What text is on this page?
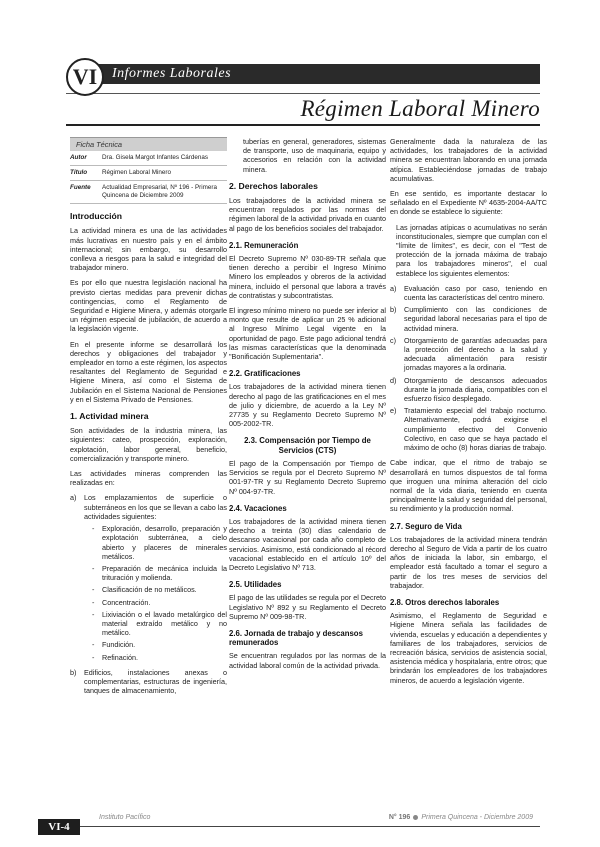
VI	Informes Laborales
Régimen Laboral Minero
Ficha Técnica
Autor	Dra. Gisela Margot Infantes Cárdenas
Título	Régimen Laboral Minero
Fuente	Actualidad Empresarial, Nº 196 - Primera Quincena de Diciembre 2009
Introducción

La actividad minera es una de las actividades más lucrativas en nuestro país y en el ámbito internacional; sin embargo, su desarrollo conlleva a riesgos para la salud e integridad del trabajador minero.

Es por ello que nuestra legislación nacional ha previsto ciertas medidas para prevenir dichas contingencias, como el Reglamento de Seguridad e Higiene Minera, y además otorgarle un régimen especial de jubilación, de acuerdo a la legislación vigente.

En el presente informe se desarrollará los derechos y obligaciones del trabajador y empleador en torno a este régimen, los aspectos resaltantes del Reglamento de Seguridad e Higiene Minera, así como el Sistema de Jubilación en el Sistema Nacional de Pensiones y en el Sistema Privado de Pensiones.

1. Actividad minera

Son actividades de la industria minera, las siguientes: cateo, prospección, exploración, explotación, labor general, beneficio, comercialización y transporte minero.

Las actividades mineras comprenden las realizadas en:

a) Los emplazamientos de superficie o subterráneos en los que se llevan a cabo las actividades siguientes:
- Exploración, desarrollo, preparación y explotación subterránea, a cielo abierto y placeres de minerales metálicos.
- Preparación de mecánica incluida la trituración y molienda.
- Clasificación de no metálicos.
- Concentración.
- Lixiviación o el lavado metalúrgico del material extraído metálico y no metálico.
- Fundición.
- Refinación.
b) Edificios, instalaciones anexas o complementarias, estructuras de ingeniería, tanques de almacenamiento,

tuberías en general, generadores, sistemas de transporte, uso de maquinaria, equipo y accesorios en relación con la actividad minera.

2. Derechos laborales

Los trabajadores de la actividad minera se encuentran regulados por las normas del régimen laboral de la actividad privada en cuanto al pago de los beneficios sociales del trabajador.

2.1. Remuneración

El Decreto Supremo Nº 030-89-TR señala que tienen derecho a percibir el Ingreso Mínimo Minero los empleados y obreros de la actividad minera, incluido el personal que labora a través de contratistas y subcontratistas.

El ingreso mínimo minero no puede ser inferior al monto que resulte de aplicar un 25 % adicional al Ingreso Mínimo Legal vigente en la oportunidad de pago. Este pago adicional tendrá las mismas características que la denominada "Bonificación Suplementaria".

2.2. Gratificaciones

Los trabajadores de la actividad minera tienen derecho al pago de las gratificaciones en el mes de julio y diciembre, de acuerdo a la Ley Nº 27735 y su Reglamento Decreto Supremo Nº 005-2002-TR.

2.3. Compensación por Tiempo de Servicios (CTS)

El pago de la Compensación por Tiempo de Servicios se regula por el Decreto Supremo Nº 001-97-TR y su Reglamento Decreto Supremo Nº 004-97-TR.

2.4. Vacaciones

Los trabajadores de la actividad minera tienen derecho a treinta (30) días calendario de descanso vacacional por cada año completo de servicios. Asimismo, está condicionado al récord vacacional establecido en el artículo 10º del Decreto Legislativo Nº 713.

2.5. Utilidades

El pago de las utilidades se regula por el Decreto Legislativo Nº 892 y su Reglamento el Decreto Supremo Nº 009-98-TR.

2.6. Jornada de trabajo y descansos remunerados

Se encuentran regulados por las normas de la actividad laboral común de la actividad privada.

Generalmente dada la naturaleza de las actividades, los trabajadores de la actividad minera se encuentran laborando en una jornada atípica. Estableciéndose jornadas de trabajo acumulativas.

En ese sentido, es importante destacar lo señalado en el Expediente Nº 4635-2004-AA/TC en donde se establece lo siguiente:

Las jornadas atípicas o acumulativas no serán inconstitucionales, siempre que cumplan con el "límite de límites", es decir, con el "Test de protección de la jornada máxima de trabajo para los trabajadores mineros", el cual establece los siguientes elementos:

a) Evaluación caso por caso, teniendo en cuenta las características del centro minero.
b) Cumplimiento con las condiciones de seguridad laboral necesarias para el tipo de actividad minera.
c) Otorgamiento de garantías adecuadas para la protección del derecho a la salud y adecuada alimentación para resistir jornadas mayores a la ordinaria.
d) Otorgamiento de descansos adecuados durante la jornada diaria, compatibles con el esfuerzo físico desplegado.
e) Tratamiento especial del trabajo nocturno. Alternativamente, podrá exigirse el cumplimiento efectivo del Convenio Colectivo, en caso que se haya pactado el máximo de ocho (8) horas diarias de trabajo.

Cabe indicar, que el ritmo de trabajo se desarrollará en turnos dispuestos de tal forma que irroguen una mínima alteración del ciclo normal de la vida diaria, teniendo en cuenta principalmente la salud y seguridad del personal, su rendimiento y la producción normal.

2.7. Seguro de Vida

Los trabajadores de la actividad minera tendrán derecho al Seguro de Vida a partir de los cuatro años de iniciada la labor, sin embargo, el empleador está facultado a tomar el seguro a partir de los tres meses de servicios del trabajador.

2.8. Otros derechos laborales

Asimismo, el Reglamento de Seguridad e Higiene Minera señala las facilidades de vivienda, escuelas y educación a dependientes y familiares de los trabajadores, servicios de recreación básica, servicios de asistencia social, asistencia médica y hospitalaria, entre otros; que brindarán los empleadores de los trabajadores mineros, de acuerdo a legislación vigente.

VI-4
Instituto Pacífico	N° 196 Primera Quincena - Diciembre 2009
